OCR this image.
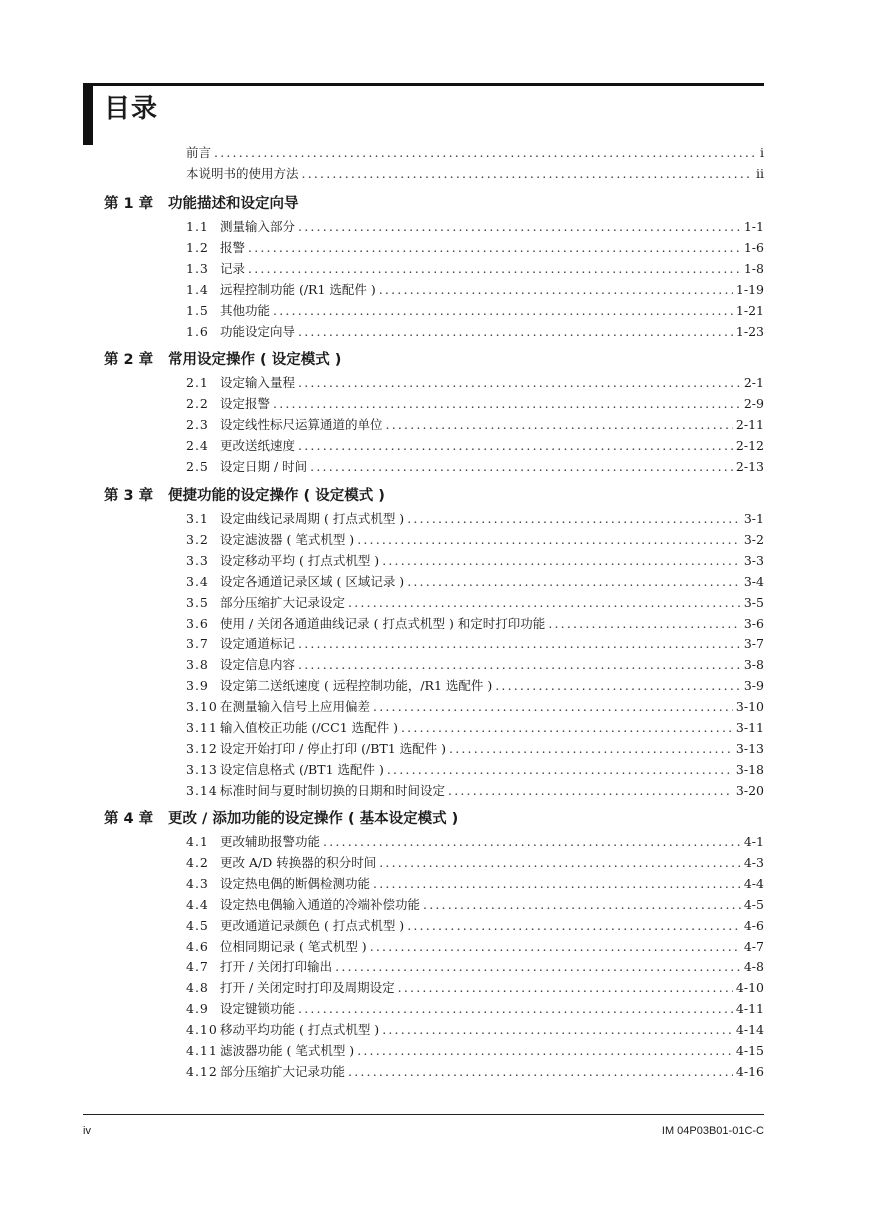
目录
前言 .....	i
本说明书的使用方法 .....	ii
第 1 章	功能描述和设定向导
1.1 测量输入部分 .....	1-1
1.2 报警 .....	1-6
1.3 记录 .....	1-8
1.4 远程控制功能 (/R1 选配件 ) .....	1-19
1.5 其他功能 .....	1-21
1.6 功能设定向导 .....	1-23
第 2 章	常用设定操作 ( 设定模式 )
2.1 设定输入量程 .....	2-1
2.2 设定报警 .....	2-9
2.3 设定线性标尺运算通道的单位 .....	2-11
2.4 更改送纸速度 .....	2-12
2.5 设定日期 / 时间 .....	2-13
第 3 章	便捷功能的设定操作 ( 设定模式 )
3.1 设定曲线记录周期 ( 打点式机型 ) .....	3-1
3.2 设定滤波器 ( 笔式机型 ) .....	3-2
3.3 设定移动平均 ( 打点式机型 ) .....	3-3
3.4 设定各通道记录区域 ( 区域记录 ) .....	3-4
3.5 部分压缩扩大记录设定 .....	3-5
3.6 使用 / 关闭各通道曲线记录 ( 打点式机型 ) 和定时打印功能 .....	3-6
3.7 设定通道标记 .....	3-7
3.8 设定信息内容 .....	3-8
3.9 设定第二送纸速度 ( 远程控制功能，/R1 选配件 ) .....	3-9
3.10 在测量输入信号上应用偏差 .....	3-10
3.11 输入值校正功能 (/CC1 选配件 ) .....	3-11
3.12 设定开始打印 / 停止打印 (/BT1 选配件 ) .....	3-13
3.13 设定信息格式 (/BT1 选配件 ) .....	3-18
3.14 标准时间与夏时制切换的日期和时间设定 .....	3-20
第 4 章	更改 / 添加功能的设定操作 ( 基本设定模式 )
4.1 更改辅助报警功能 .....	4-1
4.2 更改 A/D 转换器的积分时间 .....	4-3
4.3 设定热电偶的断偶检测功能 .....	4-4
4.4 设定热电偶输入通道的冷端补偿功能 .....	4-5
4.5 更改通道记录颜色 ( 打点式机型 ) .....	4-6
4.6 位相同期记录 ( 笔式机型 ) .....	4-7
4.7 打开 / 关闭打印输出 .....	4-8
4.8 打开 / 关闭定时打印及周期设定 .....	4-10
4.9 设定键锁功能 .....	4-11
4.10 移动平均功能 ( 打点式机型 ) .....	4-14
4.11 滤波器功能 ( 笔式机型 ) .....	4-15
4.12 部分压缩扩大记录功能 .....	4-16
iv	IM 04P03B01-01C-C
